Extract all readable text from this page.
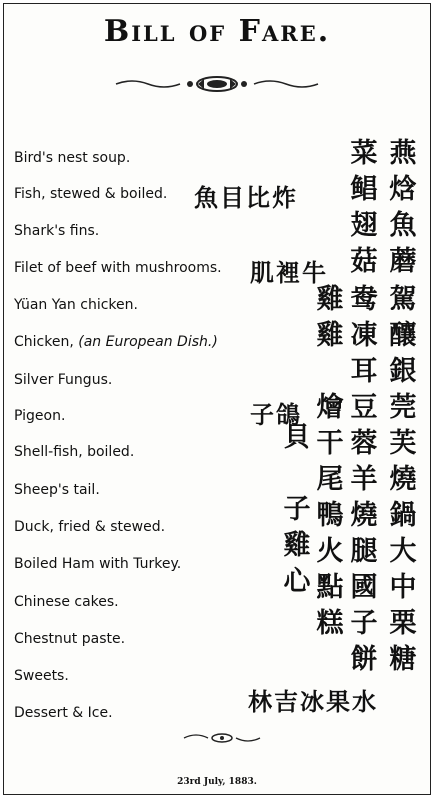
Bill of Fare.
Bird's nest soup.
Fish, stewed & boiled.
Shark's fins.
Filet of beef with mushrooms.
Yüan Yan chicken.
Chicken, (an European Dish.)
Silver Fungus.
Pigeon.
Shell-fish, boiled.
Sheep's tail.
Duck, fried & stewed.
Boiled Ham with Turkey.
Chinese cakes.
Chestnut paste.
Sweets.
Dessert & Ice.
魚目比炸
肌裡牛
子鴿
林吉冰果水
燕
焓
魚
蘑
菜
鲳
翅
菇
駕
釀
銀
莞
芙
燒
鍋
大
中
栗
糖
鸯
凍
耳
豆
蓉
羊
燒
腿
國
子
餅
雞
雞
燴
干
尾
鴨
火
點
糕
貝
子
雞
心
23rd July, 1883.
